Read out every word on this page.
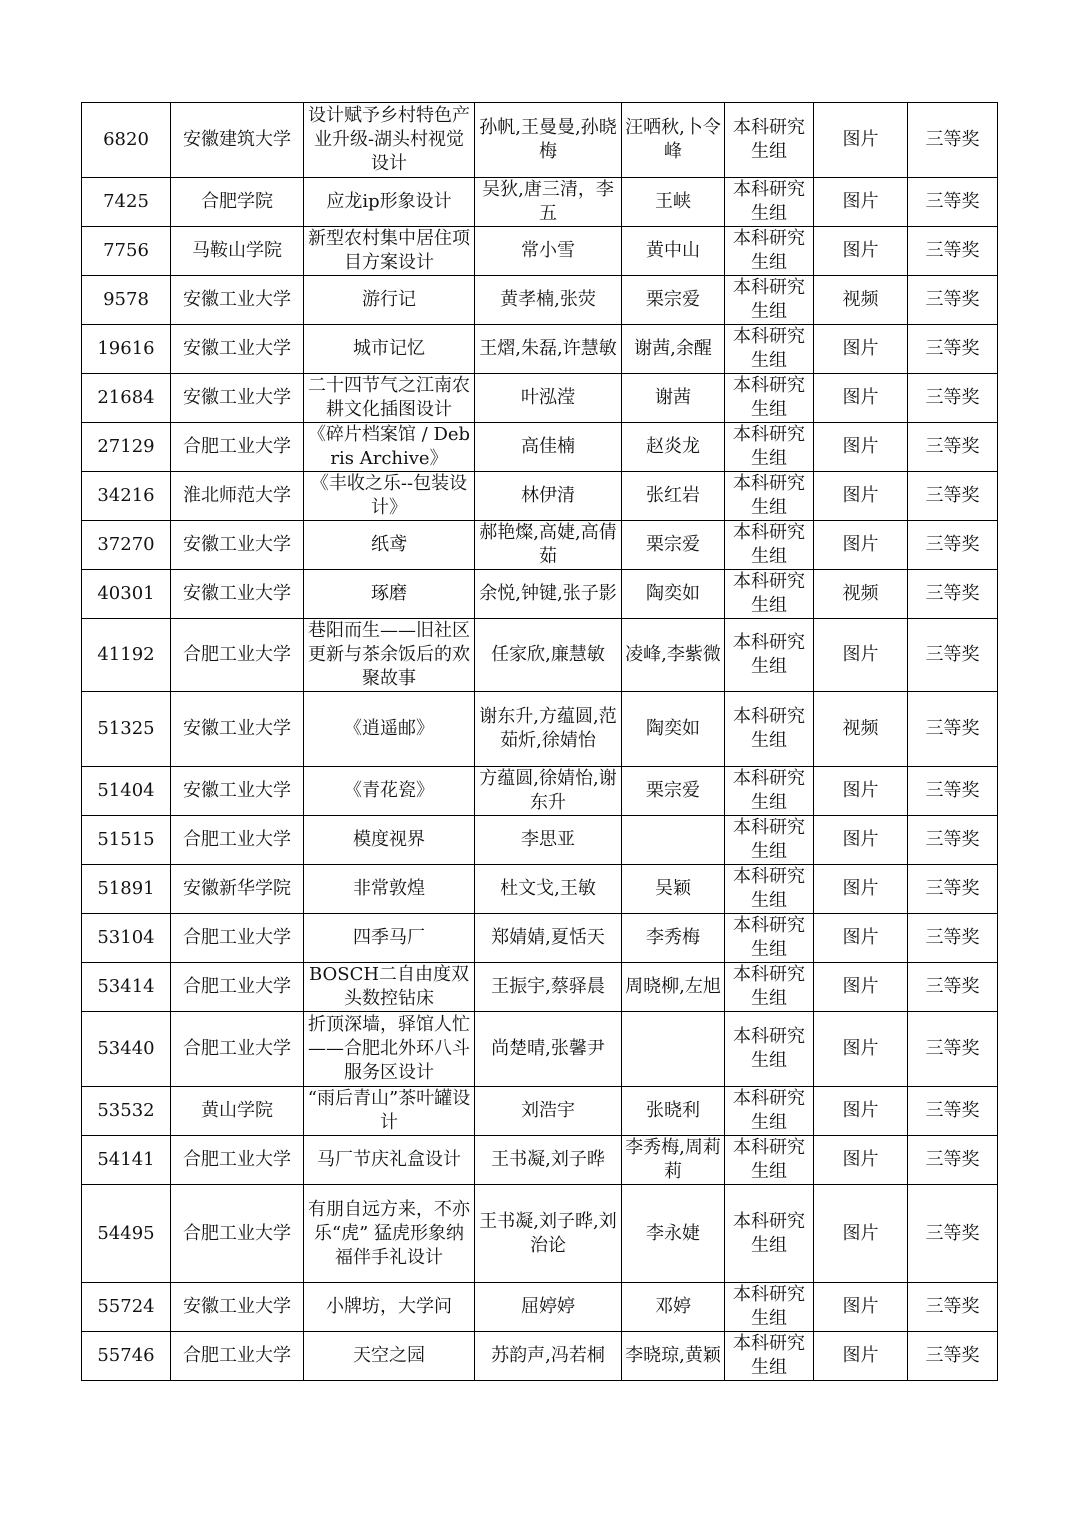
6820	安徽建筑大学	设计赋予乡村特色产业升级-湖头村视觉设计	孙帆,王曼曼,孙晓梅	汪哂秋,卜令峰	本科研究生组	图片	三等奖
7425	合肥学院	应龙ip形象设计	吴狄,唐三清，李五	王峡	本科研究生组	图片	三等奖
7756	马鞍山学院	新型农村集中居住项目方案设计	常小雪	黄中山	本科研究生组	图片	三等奖
9578	安徽工业大学	游行记	黄孝楠,张荧	栗宗爱	本科研究生组	视频	三等奖
19616	安徽工业大学	城市记忆	王熠,朱磊,许慧敏	谢茜,余醒	本科研究生组	图片	三等奖
21684	安徽工业大学	二十四节气之江南农耕文化插图设计	叶泓滢	谢茜	本科研究生组	图片	三等奖
27129	合肥工业大学	《碎片档案馆 / Debris Archive》	高佳楠	赵炎龙	本科研究生组	图片	三等奖
34216	淮北师范大学	《丰收之乐--包装设计》	林伊清	张红岩	本科研究生组	图片	三等奖
37270	安徽工业大学	纸鸢	郝艳燦,高婕,高倩茹	栗宗爱	本科研究生组	图片	三等奖
40301	安徽工业大学	琢磨	余悦,钟键,张子影	陶奕如	本科研究生组	视频	三等奖
41192	合肥工业大学	巷阳而生——旧社区更新与茶余饭后的欢聚故事	任家欣,廉慧敏	凌峰,李紫微	本科研究生组	图片	三等奖
51325	安徽工业大学	《逍遥邮》	谢东升,方蕴圆,范茹炘,徐婧怡	陶奕如	本科研究生组	视频	三等奖
51404	安徽工业大学	《青花瓷》	方蕴圆,徐婧怡,谢东升	栗宗爱	本科研究生组	图片	三等奖
51515	合肥工业大学	模度视界	李思亚		本科研究生组	图片	三等奖
51891	安徽新华学院	非常敦煌	杜文戈,王敏	吴颖	本科研究生组	图片	三等奖
53104	合肥工业大学	四季马厂	郑婧婧,夏恬天	李秀梅	本科研究生组	图片	三等奖
53414	合肥工业大学	BOSCH二自由度双头数控钻床	王振宇,蔡驿晨	周晓柳,左旭	本科研究生组	图片	三等奖
53440	合肥工业大学	折顶深墙，驿馆人忙——合肥北外环八斗服务区设计	尚楚晴,张馨尹		本科研究生组	图片	三等奖
53532	黄山学院	“雨后青山”茶叶罐设计	刘浩宇	张晓利	本科研究生组	图片	三等奖
54141	合肥工业大学	马厂节庆礼盒设计	王书凝,刘子晔	李秀梅,周莉莉	本科研究生组	图片	三等奖
54495	合肥工业大学	有朋自远方来，不亦乐“虎” 猛虎形象纳福伴手礼设计	王书凝,刘子晔,刘治论	李永婕	本科研究生组	图片	三等奖
55724	安徽工业大学	小牌坊，大学问	屈婷婷	邓婷	本科研究生组	图片	三等奖
55746	合肥工业大学	天空之园	苏韵声,冯若桐	李晓琼,黄颖	本科研究生组	图片	三等奖
